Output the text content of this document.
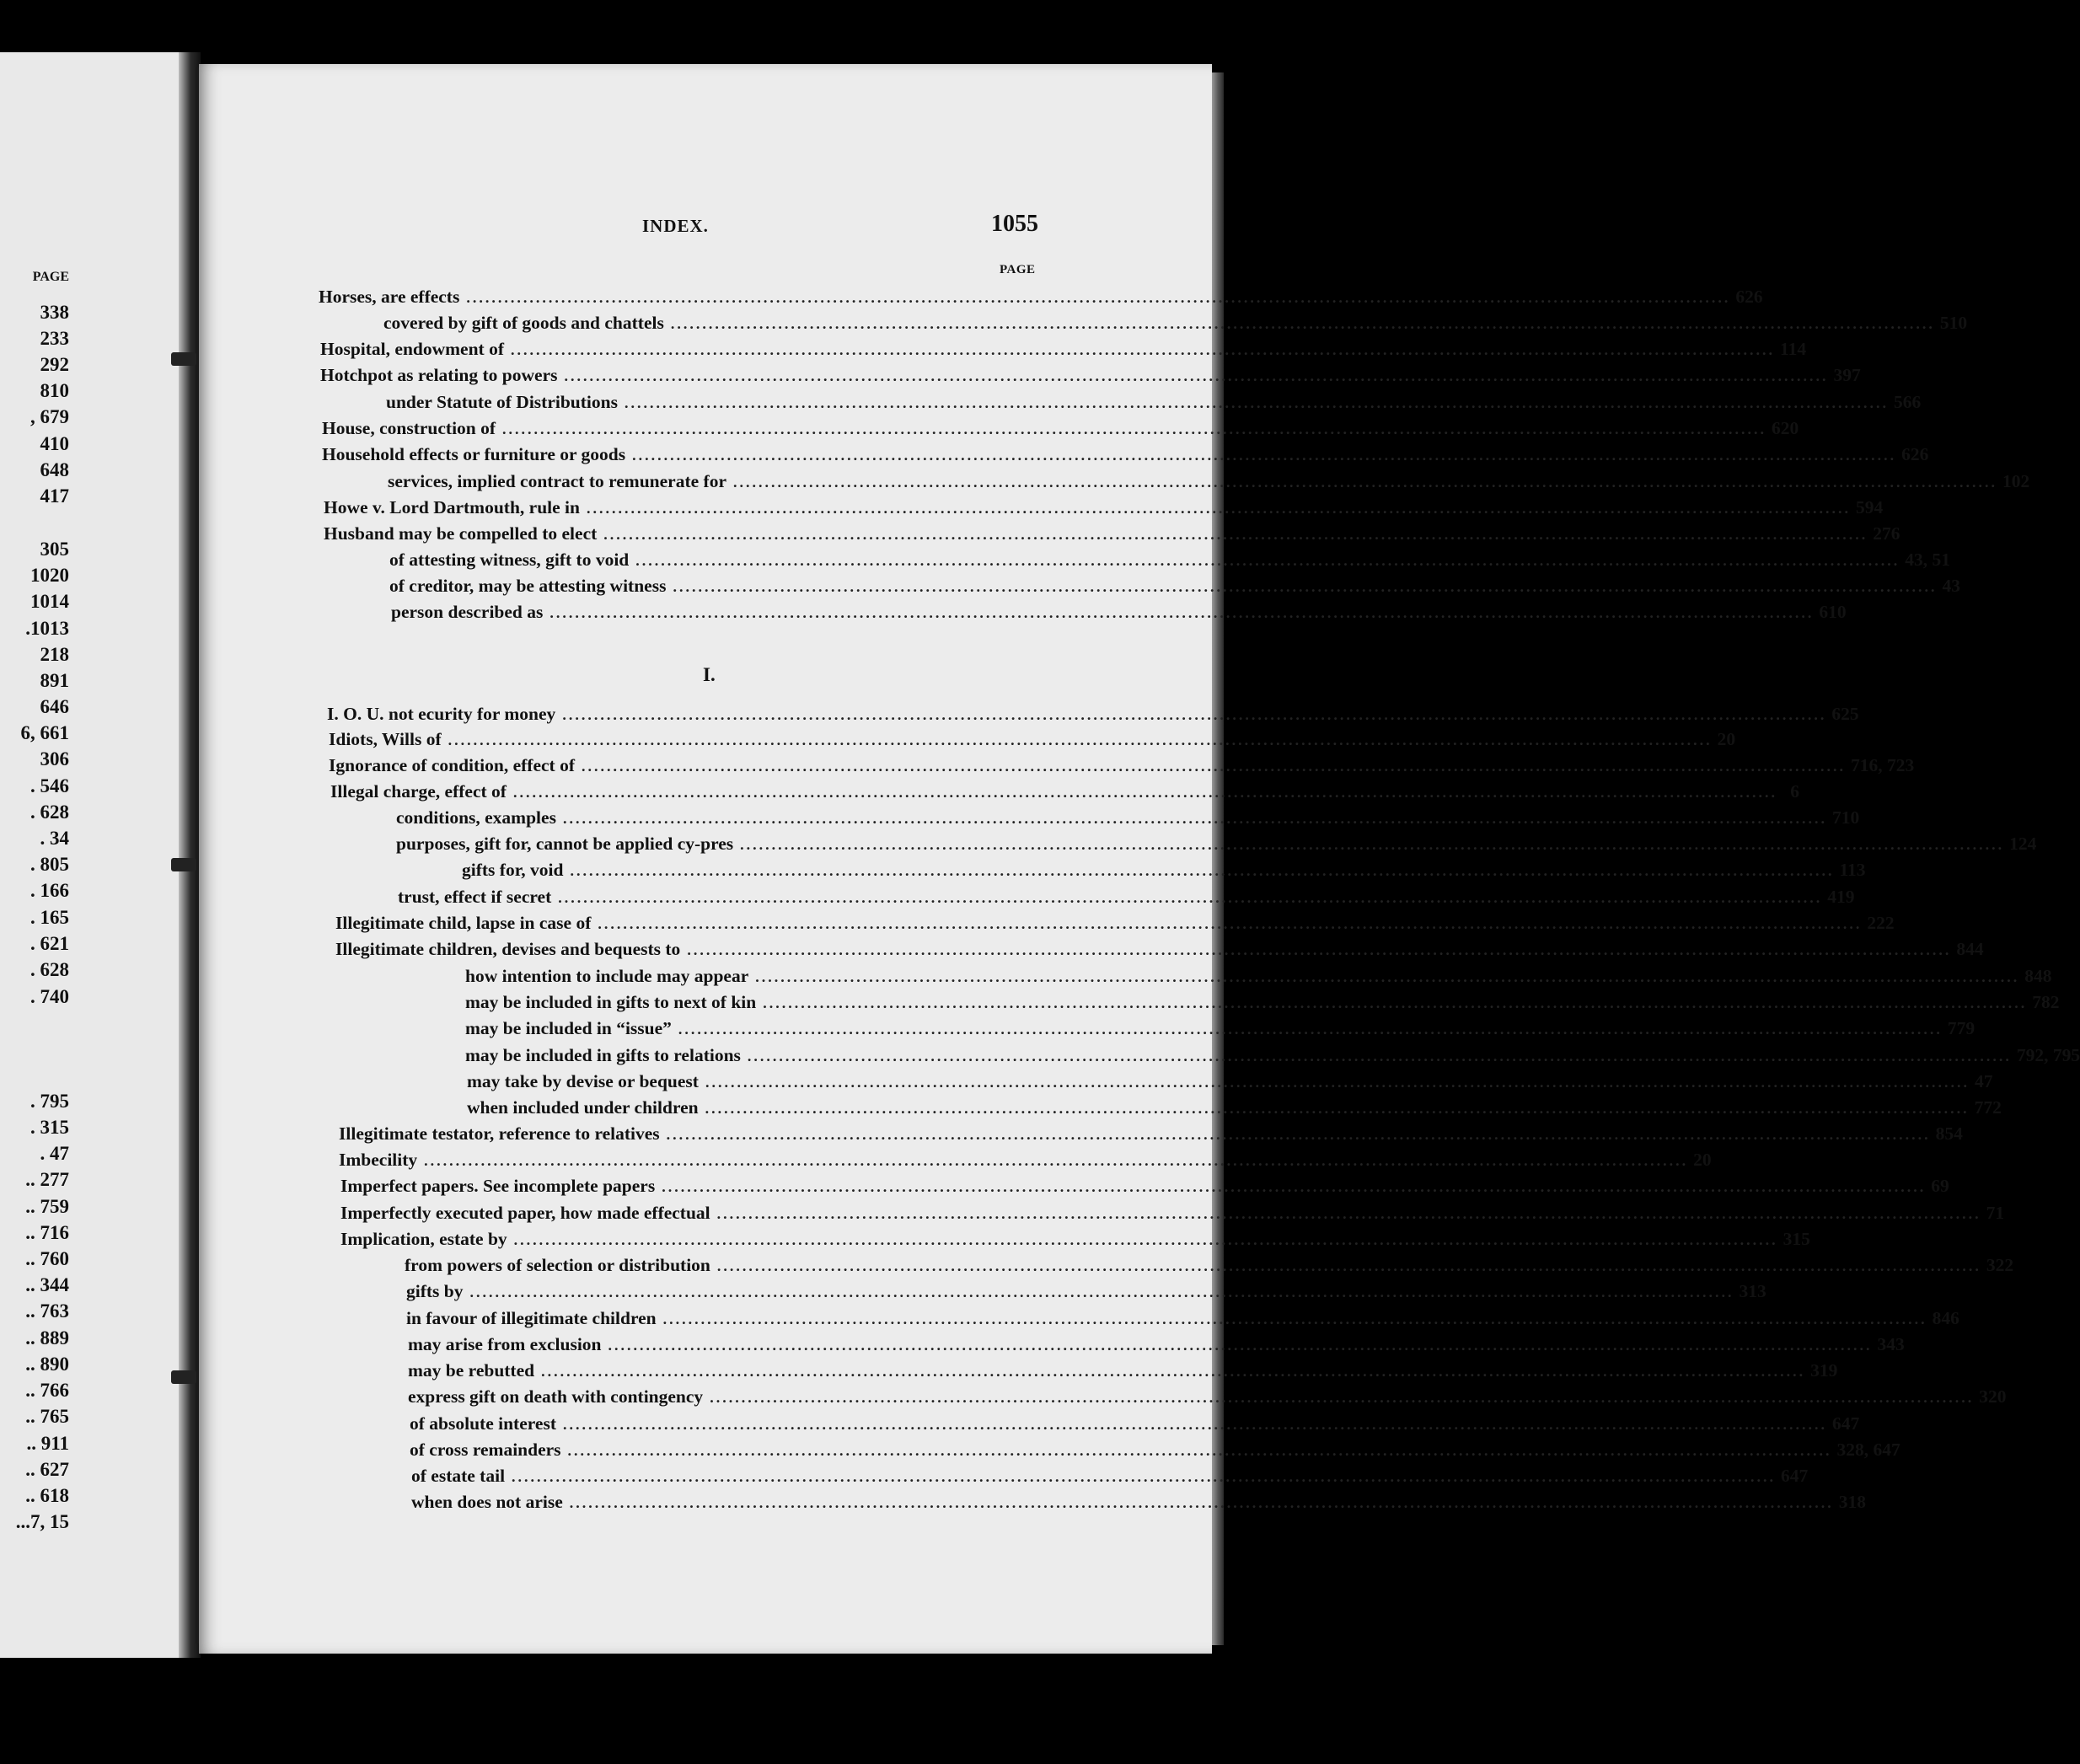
PAGE
338
233
292
810
, 679
410
648
417
305
1020
1014
.1013
218
891
646
6, 661
306
. 546
. 628
. 34
. 805
. 166
. 165
. 621
. 628
. 740
. 795
. 315
. 47
.. 277
.. 759
.. 716
.. 760
.. 344
.. 763
.. 889
.. 890
.. 766
.. 765
.. 911
.. 627
.. 618
...7, 15
INDEX.	1055
PAGE
I.
Horses, are effects ........................................................................................................................................................................................................ 626
covered by gift of goods and chattels ........................................................................................................................................................................................................ 510
Hospital, endowment of ........................................................................................................................................................................................................ 114
Hotchpot as relating to powers ........................................................................................................................................................................................................ 397
under Statute of Distributions ........................................................................................................................................................................................................ 566
House, construction of ........................................................................................................................................................................................................ 620
Household effects or furniture or goods ........................................................................................................................................................................................................ 626
services, implied contract to remunerate for ........................................................................................................................................................................................................ 102
Howe v. Lord Dartmouth, rule in ........................................................................................................................................................................................................ 594
Husband may be compelled to elect ........................................................................................................................................................................................................ 276
of attesting witness, gift to void ........................................................................................................................................................................................................ 43, 51
of creditor, may be attesting witness ........................................................................................................................................................................................................ 43
person described as ........................................................................................................................................................................................................ 610
I. O. U. not ecurity for money ........................................................................................................................................................................................................ 625
Idiots, Wills of ........................................................................................................................................................................................................ 20
Ignorance of condition, effect of ........................................................................................................................................................................................................ 716, 723
Illegal charge, effect of ........................................................................................................................................................................................................ 6
conditions, examples ........................................................................................................................................................................................................ 710
purposes, gift for, cannot be applied cy-pres ........................................................................................................................................................................................................ 124
gifts for, void ........................................................................................................................................................................................................ 113
trust, effect if secret ........................................................................................................................................................................................................ 419
Illegitimate child, lapse in case of ........................................................................................................................................................................................................ 222
Illegitimate children, devises and bequests to ........................................................................................................................................................................................................ 844
how intention to include may appear ........................................................................................................................................................................................................ 848
may be included in gifts to next of kin ........................................................................................................................................................................................................ 782
may be included in “issue” ........................................................................................................................................................................................................ 779
may be included in gifts to relations ........................................................................................................................................................................................................ 792, 795
may take by devise or bequest ........................................................................................................................................................................................................ 47
when included under children ........................................................................................................................................................................................................ 772
Illegitimate testator, reference to relatives ........................................................................................................................................................................................................ 854
Imbecility ........................................................................................................................................................................................................ 20
Imperfect papers. See incomplete papers ........................................................................................................................................................................................................ 69
Imperfectly executed paper, how made effectual ........................................................................................................................................................................................................ 71
Implication, estate by ........................................................................................................................................................................................................ 315
from powers of selection or distribution ........................................................................................................................................................................................................ 322
gifts by ........................................................................................................................................................................................................ 313
in favour of illegitimate children ........................................................................................................................................................................................................ 846
may arise from exclusion ........................................................................................................................................................................................................ 343
may be rebutted ........................................................................................................................................................................................................ 319
express gift on death with contingency ........................................................................................................................................................................................................ 320
of absolute interest ........................................................................................................................................................................................................ 647
of cross remainders ........................................................................................................................................................................................................ 328, 647
of estate tail ........................................................................................................................................................................................................ 647
when does not arise ........................................................................................................................................................................................................ 318
